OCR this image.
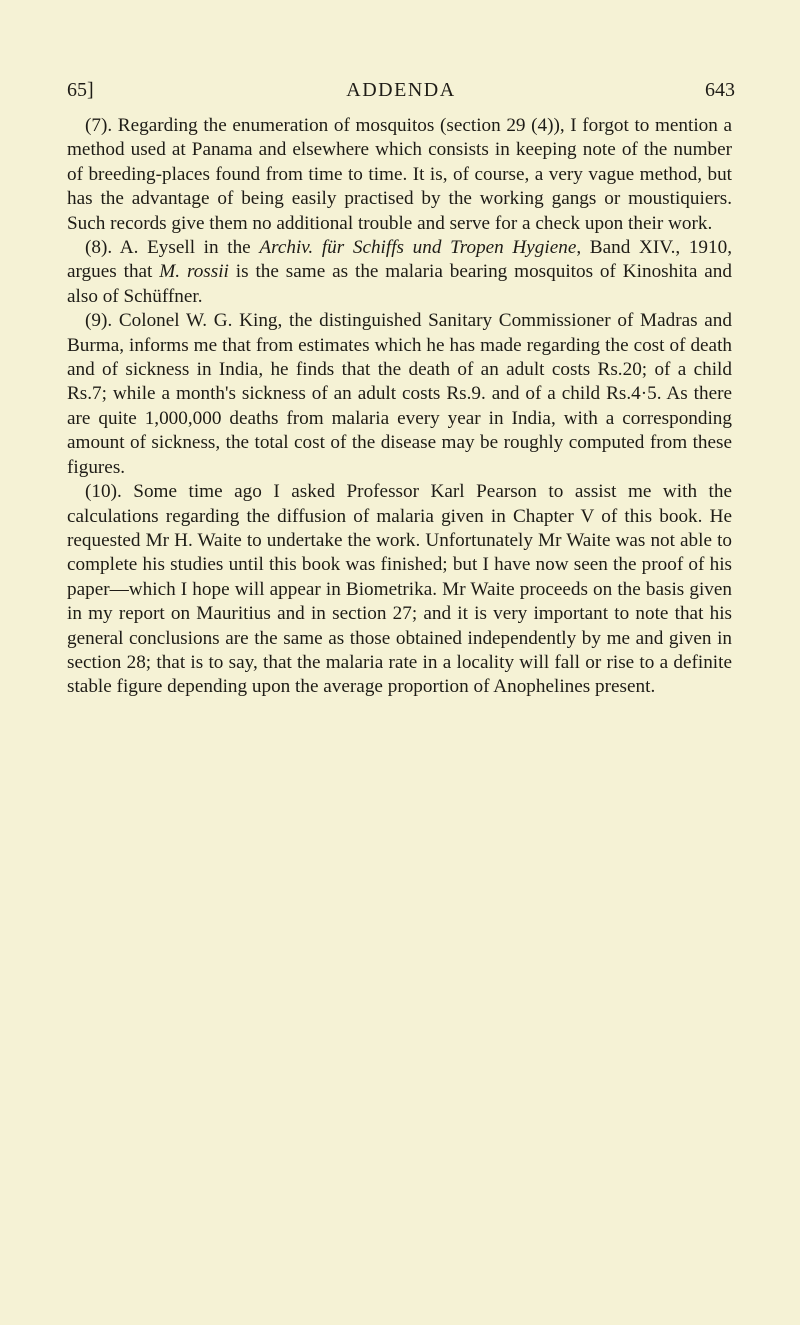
65]	ADDENDA	643

(7). Regarding the enumeration of mosquitos (section 29 (4)), I forgot to mention a method used at Panama and elsewhere which consists in keeping note of the number of breeding-places found from time to time. It is, of course, a very vague method, but has the advantage of being easily practised by the working gangs or moustiquiers. Such records give them no additional trouble and serve for a check upon their work.

(8). A. Eysell in the Archiv. für Schiffs und Tropen Hygiene, Band XIV., 1910, argues that M. rossii is the same as the malaria bearing mosquitos of Kinoshita and also of Schüffner.

(9). Colonel W. G. King, the distinguished Sanitary Commissioner of Madras and Burma, informs me that from estimates which he has made regarding the cost of death and of sickness in India, he finds that the death of an adult costs Rs.20; of a child Rs.7; while a month's sickness of an adult costs Rs.9. and of a child Rs.4·5. As there are quite 1,000,000 deaths from malaria every year in India, with a corresponding amount of sickness, the total cost of the disease may be roughly computed from these figures.

(10). Some time ago I asked Professor Karl Pearson to assist me with the calculations regarding the diffusion of malaria given in Chapter V of this book. He requested Mr H. Waite to undertake the work. Unfortunately Mr Waite was not able to complete his studies until this book was finished; but I have now seen the proof of his paper—which I hope will appear in Biometrika. Mr Waite proceeds on the basis given in my report on Mauritius and in section 27; and it is very important to note that his general conclusions are the same as those obtained independently by me and given in section 28; that is to say, that the malaria rate in a locality will fall or rise to a definite stable figure depending upon the average proportion of Anophelines present.
